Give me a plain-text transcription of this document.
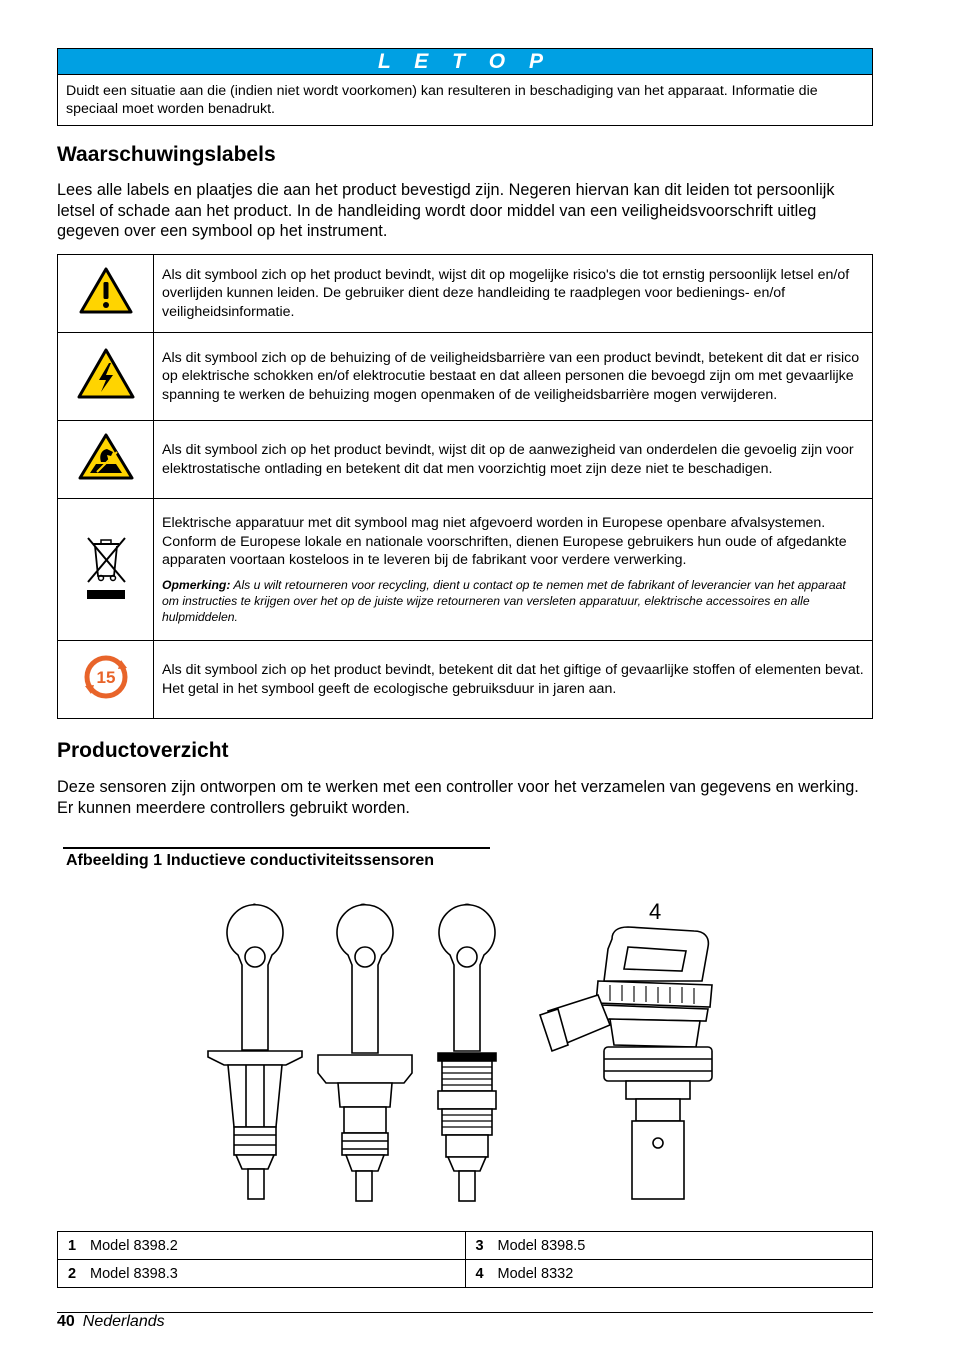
L E T O P
Duidt een situatie aan die (indien niet wordt voorkomen) kan resulteren in beschadiging van het apparaat. Informatie die speciaal moet worden benadrukt.
Waarschuwingslabels
Lees alle labels en plaatjes die aan het product bevestigd zijn. Negeren hiervan kan dit leiden tot persoonlijk letsel of schade aan het product. In de handleiding wordt door middel van een veiligheidsvoorschrift uitleg gegeven over een symbool op het instrument.
	Als dit symbool zich op het product bevindt, wijst dit op mogelijke risico's die tot ernstig persoonlijk letsel en/of overlijden kunnen leiden. De gebruiker dient deze handleiding te raadplegen voor bedienings- en/of veiligheidsinformatie.
	Als dit symbool zich op de behuizing of de veiligheidsbarrière van een product bevindt, betekent dit dat er risico op elektrische schokken en/of elektrocutie bestaat en dat alleen personen die bevoegd zijn om met gevaarlijke spanning te werken de behuizing mogen openmaken of de veiligheidsbarrière mogen verwijderen.
	Als dit symbool zich op het product bevindt, wijst dit op de aanwezigheid van onderdelen die gevoelig zijn voor elektrostatische ontlading en betekent dit dat men voorzichtig moet zijn deze niet te beschadigen.

Elektrische apparatuur met dit symbool mag niet afgevoerd worden in Europese openbare afvalsystemen. Conform de Europese lokale en nationale voorschriften, dienen Europese gebruikers hun oude of afgedankte apparaten voortaan kosteloos in te leveren bij de fabrikant voor verdere verwerking.
Opmerking: Als u wilt retourneren voor recycling, dient u contact op te nemen met de fabrikant of leverancier van het apparaat om instructies te krijgen over het op de juiste wijze retourneren van versleten apparatuur, elektrische accessoires en alle hulpmiddelen.

15	Als dit symbool zich op het product bevindt, betekent dit dat het giftige of gevaarlijke stoffen of elementen bevat. Het getal in het symbool geeft de ecologische gebruiksduur in jaren aan.
Productoverzicht
Deze sensoren zijn ontworpen om te werken met een controller voor het verzamelen van gegevens en werking. Er kunnen meerdere controllers gebruikt worden.
Afbeelding 1 Inductieve conductiviteitssensoren
4
1 Model 8398.2	3 Model 8398.5
2 Model 8398.3	4 Model 8332
40 Nederlands
